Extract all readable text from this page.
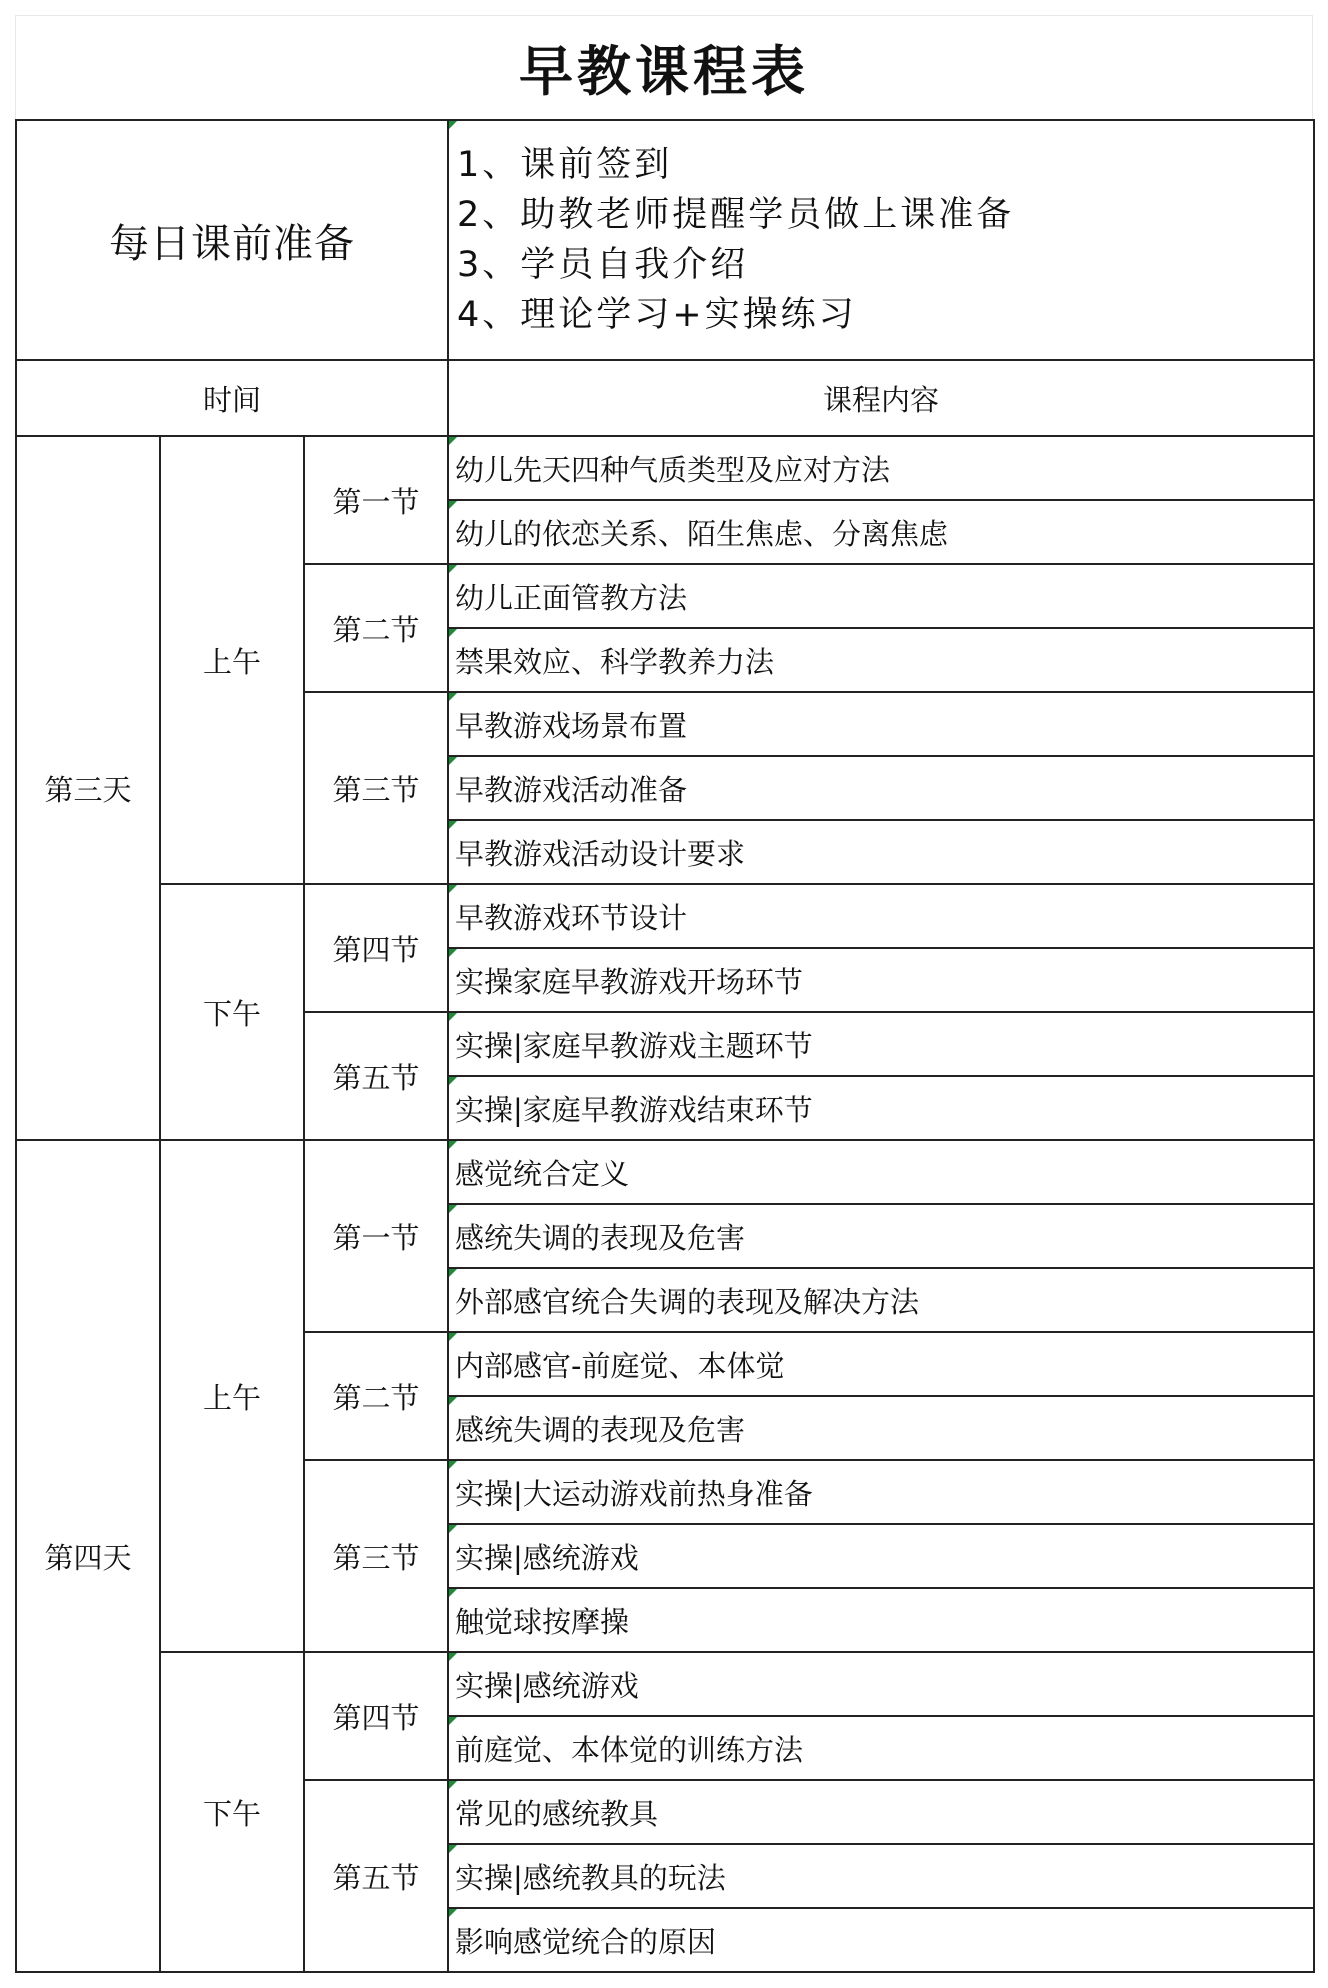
早教课程表
每日课前准备			1、课前签到
2、助教老师提醒学员做上课准备
3、学员自我介绍
4、理论学习+实操练习

时间			课程内容
第三天	上午	第一节	幼儿先天四种气质类型及应对方法

幼儿的依恋关系、陌生焦虑、分离焦虑
		第二节	幼儿正面管教方法

禁果效应、科学教养力法
		第三节	早教游戏场景布置

早教游戏活动准备

早教游戏活动设计要求
	下午	第四节	早教游戏环节设计

实操家庭早教游戏开场环节
		第五节	实操|家庭早教游戏主题环节

实操|家庭早教游戏结束环节
第四天	上午	第一节	感觉统合定义

感统失调的表现及危害

外部感官统合失调的表现及解决方法
		第二节	内部感官-前庭觉、本体觉

感统失调的表现及危害
		第三节	实操|大运动游戏前热身准备

实操|感统游戏

触觉球按摩操
	下午	第四节	实操|感统游戏

前庭觉、本体觉的训练方法
		第五节	常见的感统教具

实操|感统教具的玩法

影响感觉统合的原因
